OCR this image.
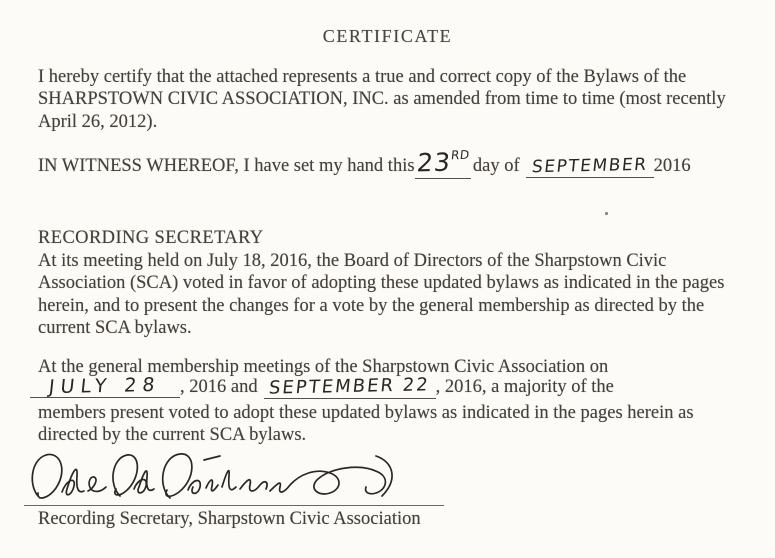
CERTIFICATE
I hereby certify that the attached represents a true and correct copy of the Bylaws of the
SHARPSTOWN CIVIC ASSOCIATION, INC. as amended from time to time (most recently
April 26, 2012).
IN WITNESS WHEREOF, I have set my hand this 23
RD
day of SEPTEMBER 2016
RECORDING SECRETARY
At its meeting held on July 18, 2016, the Board of Directors of the Sharpstown Civic
Association (SCA) voted in favor of adopting these updated bylaws as indicated in the pages
herein, and to present the changes for a vote by the general membership as directed by the
current SCA bylaws.
At the general membership meetings of the Sharpstown Civic Association on
JULY 28 , 2016 and SEPTEMBER 22 , 2016, a majority of the
members present voted to adopt these updated bylaws as indicated in the pages herein as
directed by the current SCA bylaws.
Recording Secretary, Sharpstown Civic Association
